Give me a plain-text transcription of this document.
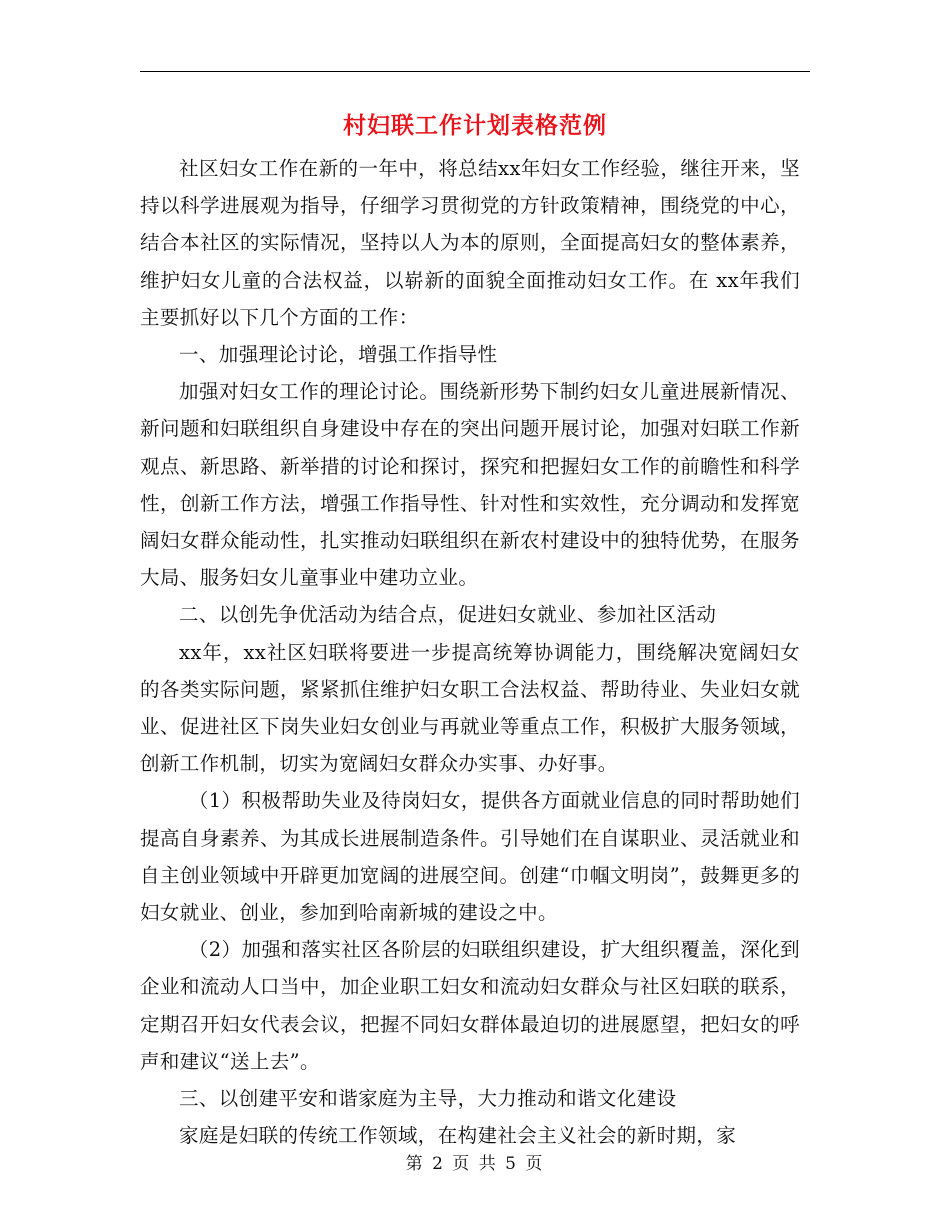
村妇联工作计划表格范例

社区妇女工作在新的一年中，将总结xx年妇女工作经验，继往开来，坚持以科学进展观为指导，仔细学习贯彻党的方针政策精神，围绕党的中心，结合本社区的实际情况，坚持以人为本的原则，全面提高妇女的整体素养，维护妇女儿童的合法权益，以崭新的面貌全面推动妇女工作。在 xx年我们主要抓好以下几个方面的工作：

一、加强理论讨论，增强工作指导性

加强对妇女工作的理论讨论。围绕新形势下制约妇女儿童进展新情况、新问题和妇联组织自身建设中存在的突出问题开展讨论，加强对妇联工作新观点、新思路、新举措的讨论和探讨，探究和把握妇女工作的前瞻性和科学性，创新工作方法，增强工作指导性、针对性和实效性，充分调动和发挥宽阔妇女群众能动性，扎实推动妇联组织在新农村建设中的独特优势，在服务大局、服务妇女儿童事业中建功立业。

二、以创先争优活动为结合点，促进妇女就业、参加社区活动

xx年，xx社区妇联将要进一步提高统筹协调能力，围绕解决宽阔妇女的各类实际问题，紧紧抓住维护妇女职工合法权益、帮助待业、失业妇女就业、促进社区下岗失业妇女创业与再就业等重点工作，积极扩大服务领域，创新工作机制，切实为宽阔妇女群众办实事、办好事。

（1）积极帮助失业及待岗妇女，提供各方面就业信息的同时帮助她们提高自身素养、为其成长进展制造条件。引导她们在自谋职业、灵活就业和自主创业领域中开辟更加宽阔的进展空间。创建“巾帼文明岗”，鼓舞更多的妇女就业、创业，参加到哈南新城的建设之中。

（2）加强和落实社区各阶层的妇联组织建设，扩大组织覆盖，深化到企业和流动人口当中，加企业职工妇女和流动妇女群众与社区妇联的联系，定期召开妇女代表会议，把握不同妇女群体最迫切的进展愿望，把妇女的呼声和建议“送上去”。

三、以创建平安和谐家庭为主导，大力推动和谐文化建设

家庭是妇联的传统工作领域，在构建社会主义社会的新时期，家

第 2 页 共 5 页
